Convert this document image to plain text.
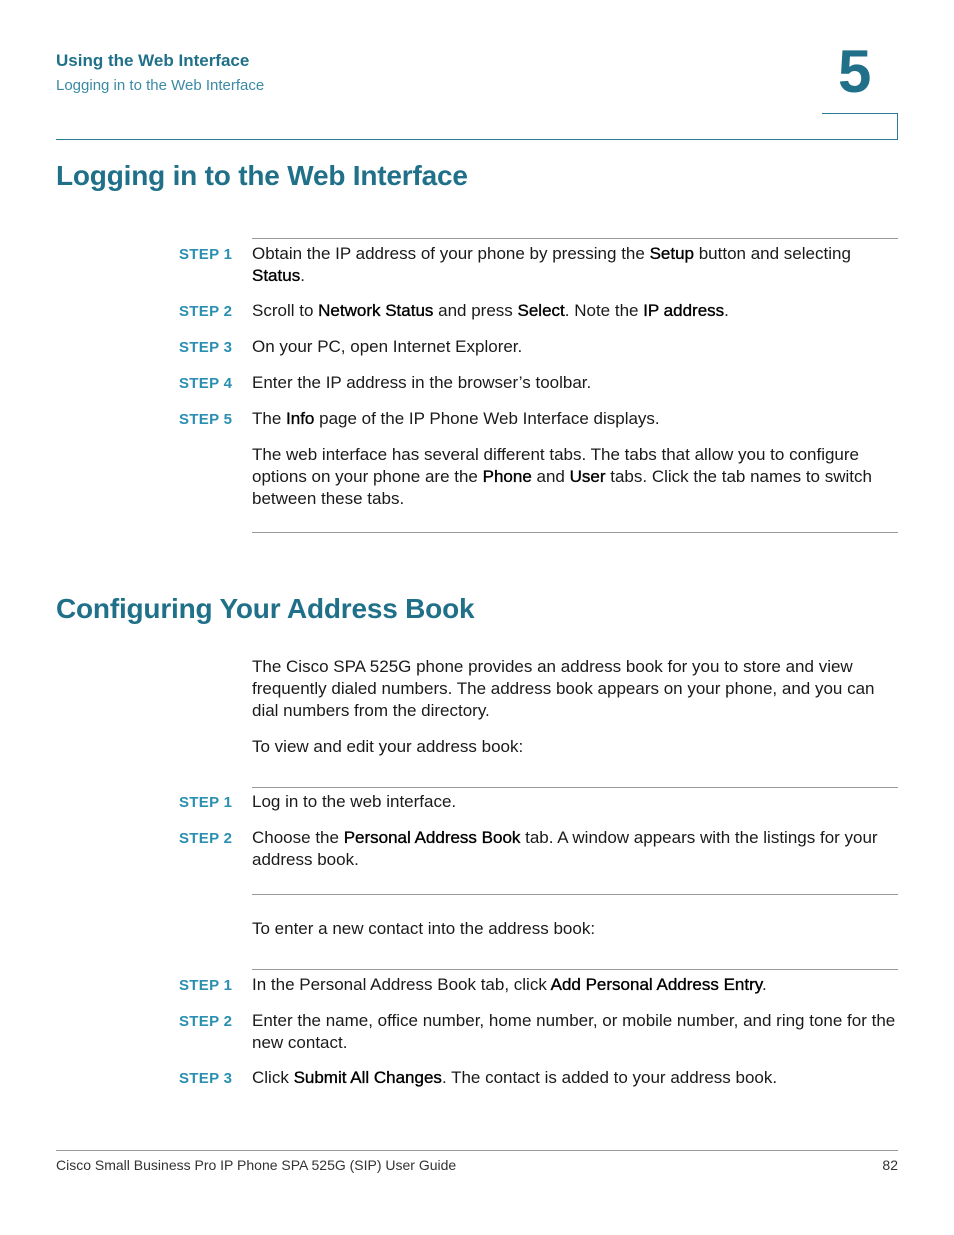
Using the Web Interface
Logging in to the Web Interface	5
Logging in to the Web Interface
STEP 1 Obtain the IP address of your phone by pressing the Setup button and selecting Status.
STEP 2 Scroll to Network Status and press Select. Note the IP address.
STEP 3 On your PC, open Internet Explorer.
STEP 4 Enter the IP address in the browser’s toolbar.
STEP 5 The Info page of the IP Phone Web Interface displays.
The web interface has several different tabs. The tabs that allow you to configure options on your phone are the Phone and User tabs. Click the tab names to switch between these tabs.
Configuring Your Address Book
The Cisco SPA 525G phone provides an address book for you to store and view frequently dialed numbers. The address book appears on your phone, and you can dial numbers from the directory.
To view and edit your address book:
STEP 1 Log in to the web interface.
STEP 2 Choose the Personal Address Book tab. A window appears with the listings for your address book.
To enter a new contact into the address book:
STEP 1 In the Personal Address Book tab, click Add Personal Address Entry.
STEP 2 Enter the name, office number, home number, or mobile number, and ring tone for the new contact.
STEP 3 Click Submit All Changes. The contact is added to your address book.
Cisco Small Business Pro IP Phone SPA 525G (SIP) User Guide	82
